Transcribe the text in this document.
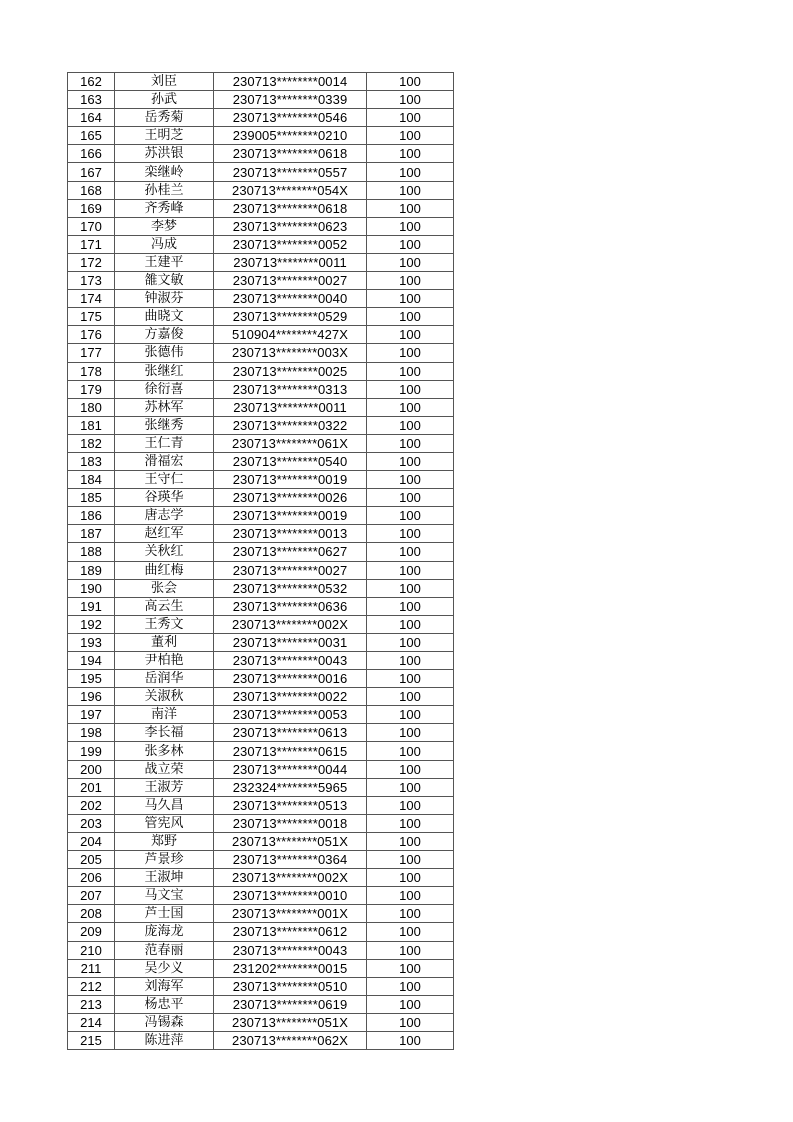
162	刘臣	230713********0014	100
163	孙武	230713********0339	100
164	岳秀菊	230713********0546	100
165	王明芝	239005********0210	100
166	苏洪银	230713********0618	100
167	栾继岭	230713********0557	100
168	孙桂兰	230713********054X	100
169	齐秀峰	230713********0618	100
170	李梦	230713********0623	100
171	冯成	230713********0052	100
172	王建平	230713********0011	100
173	雒文敏	230713********0027	100
174	钟淑芬	230713********0040	100
175	曲晓文	230713********0529	100
176	方嘉俊	510904********427X	100
177	张德伟	230713********003X	100
178	张继红	230713********0025	100
179	徐衍喜	230713********0313	100
180	苏林军	230713********0011	100
181	张继秀	230713********0322	100
182	王仁青	230713********061X	100
183	滑福宏	230713********0540	100
184	王守仁	230713********0019	100
185	谷瑛华	230713********0026	100
186	唐志学	230713********0019	100
187	赵红军	230713********0013	100
188	关秋红	230713********0627	100
189	曲红梅	230713********0027	100
190	张会	230713********0532	100
191	高云生	230713********0636	100
192	王秀文	230713********002X	100
193	董利	230713********0031	100
194	尹柏艳	230713********0043	100
195	岳润华	230713********0016	100
196	关淑秋	230713********0022	100
197	南洋	230713********0053	100
198	李长福	230713********0613	100
199	张多林	230713********0615	100
200	战立荣	230713********0044	100
201	王淑芳	232324********5965	100
202	马久昌	230713********0513	100
203	管宪风	230713********0018	100
204	郑野	230713********051X	100
205	芦景珍	230713********0364	100
206	王淑坤	230713********002X	100
207	马文宝	230713********0010	100
208	芦士国	230713********001X	100
209	庞海龙	230713********0612	100
210	范春丽	230713********0043	100
211	吴少义	231202********0015	100
212	刘海军	230713********0510	100
213	杨忠平	230713********0619	100
214	冯锡森	230713********051X	100
215	陈进萍	230713********062X	100
